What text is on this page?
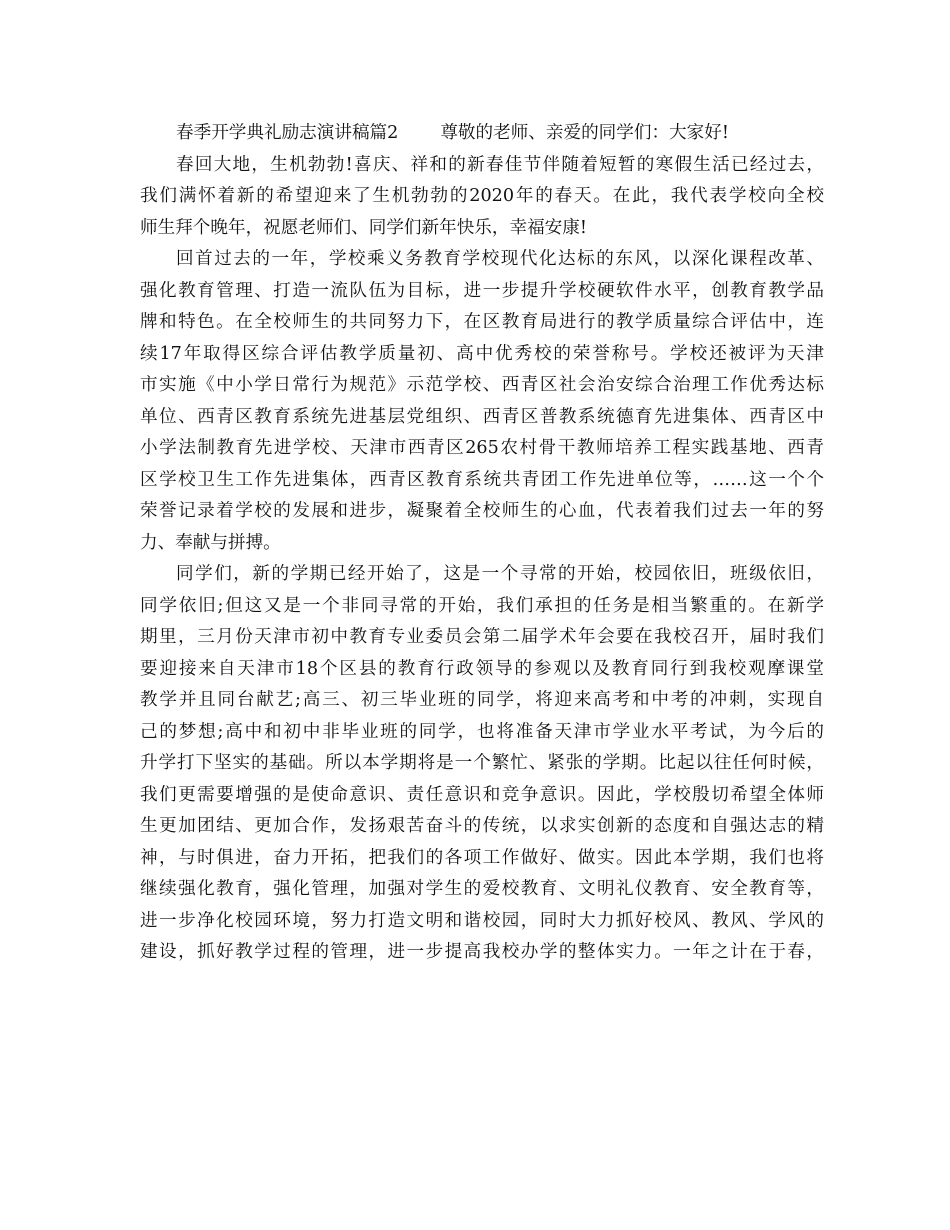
春季开学典礼励志演讲稿篇2 尊敬的老师、亲爱的同学们：大家好!
春回大地，生机勃勃!喜庆、祥和的新春佳节伴随着短暂的寒假生活已经过去，
我们满怀着新的希望迎来了生机勃勃的2020年的春天。在此，我代表学校向全校
师生拜个晚年，祝愿老师们、同学们新年快乐，幸福安康!
回首过去的一年，学校乘义务教育学校现代化达标的东风，以深化课程改革、
强化教育管理、打造一流队伍为目标，进一步提升学校硬软件水平，创教育教学品
牌和特色。在全校师生的共同努力下，在区教育局进行的教学质量综合评估中，连
续17年取得区综合评估教学质量初、高中优秀校的荣誉称号。学校还被评为天津
市实施《中小学日常行为规范》示范学校、西青区社会治安综合治理工作优秀达标
单位、西青区教育系统先进基层党组织、西青区普教系统德育先进集体、西青区中
小学法制教育先进学校、天津市西青区265农村骨干教师培养工程实践基地、西青
区学校卫生工作先进集体，西青区教育系统共青团工作先进单位等，……这一个个
荣誉记录着学校的发展和进步，凝聚着全校师生的心血，代表着我们过去一年的努
力、奉献与拼搏。
同学们，新的学期已经开始了，这是一个寻常的开始，校园依旧，班级依旧，
同学依旧;但这又是一个非同寻常的开始，我们承担的任务是相当繁重的。在新学
期里，三月份天津市初中教育专业委员会第二届学术年会要在我校召开，届时我们
要迎接来自天津市18个区县的教育行政领导的参观以及教育同行到我校观摩课堂
教学并且同台献艺;高三、初三毕业班的同学，将迎来高考和中考的冲刺，实现自
己的梦想;高中和初中非毕业班的同学，也将准备天津市学业水平考试，为今后的
升学打下坚实的基础。所以本学期将是一个繁忙、紧张的学期。比起以往任何时候，
我们更需要增强的是使命意识、责任意识和竞争意识。因此，学校殷切希望全体师
生更加团结、更加合作，发扬艰苦奋斗的传统，以求实创新的态度和自强达志的精
神，与时俱进，奋力开拓，把我们的各项工作做好、做实。因此本学期，我们也将
继续强化教育，强化管理，加强对学生的爱校教育、文明礼仪教育、安全教育等，
进一步净化校园环境，努力打造文明和谐校园，同时大力抓好校风、教风、学风的
建设，抓好教学过程的管理，进一步提高我校办学的整体实力。一年之计在于春，
